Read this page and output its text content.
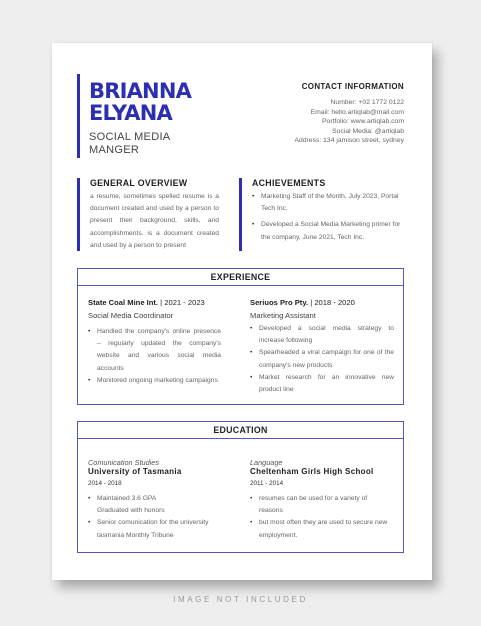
BRIANNA
ELYANA
SOCIAL MEDIA
MANGER
CONTACT INFORMATION
Number: +02 1772 0122
Email: hello.artiqlab@mail.com
Portfolio: www.artiqlab.com
Social Media: @artiqlab
Address: 134 jamison street, sydney
GENERAL OVERVIEW
a resume, sometimes spelled resume is a document created and used by a person to present their background, skills, and accomplishments. is a document created and used by a person to present
ACHIEVEMENTS
• Marketing Staff of the Month, July 2023, Portal Tech Inc.
• Developed a Social Media Marketing primer for the company, June 2021, Tech Inc.
EXPERIENCE
State Coal Mine Int. | 2021 - 2023
Social Media Coordinator
• Handled the company's online presence – regularly updated the company's website and various social media accounts
• Monitored ongoing marketing campaigns
Seriuos Pro Pty. | 2018 - 2020
Marketing Assistant
• Developed a social media strategy to increase following
• Spearheaded a viral campaign for one of the company's new products
• Market research for an innovative new product line
EDUCATION
Comunication Studies
University of Tasmania
2014 - 2018
• Maintained 3.6 GPA
Graduated with honors
• Senior comunication for the university tasmania Monthly Tribune
Language
Cheltenham Girls High School
2011 - 2014
• resumes can be used for a variety of reasons
• but most often they are used to secure new employment.
IMAGE NOT INCLUDED
